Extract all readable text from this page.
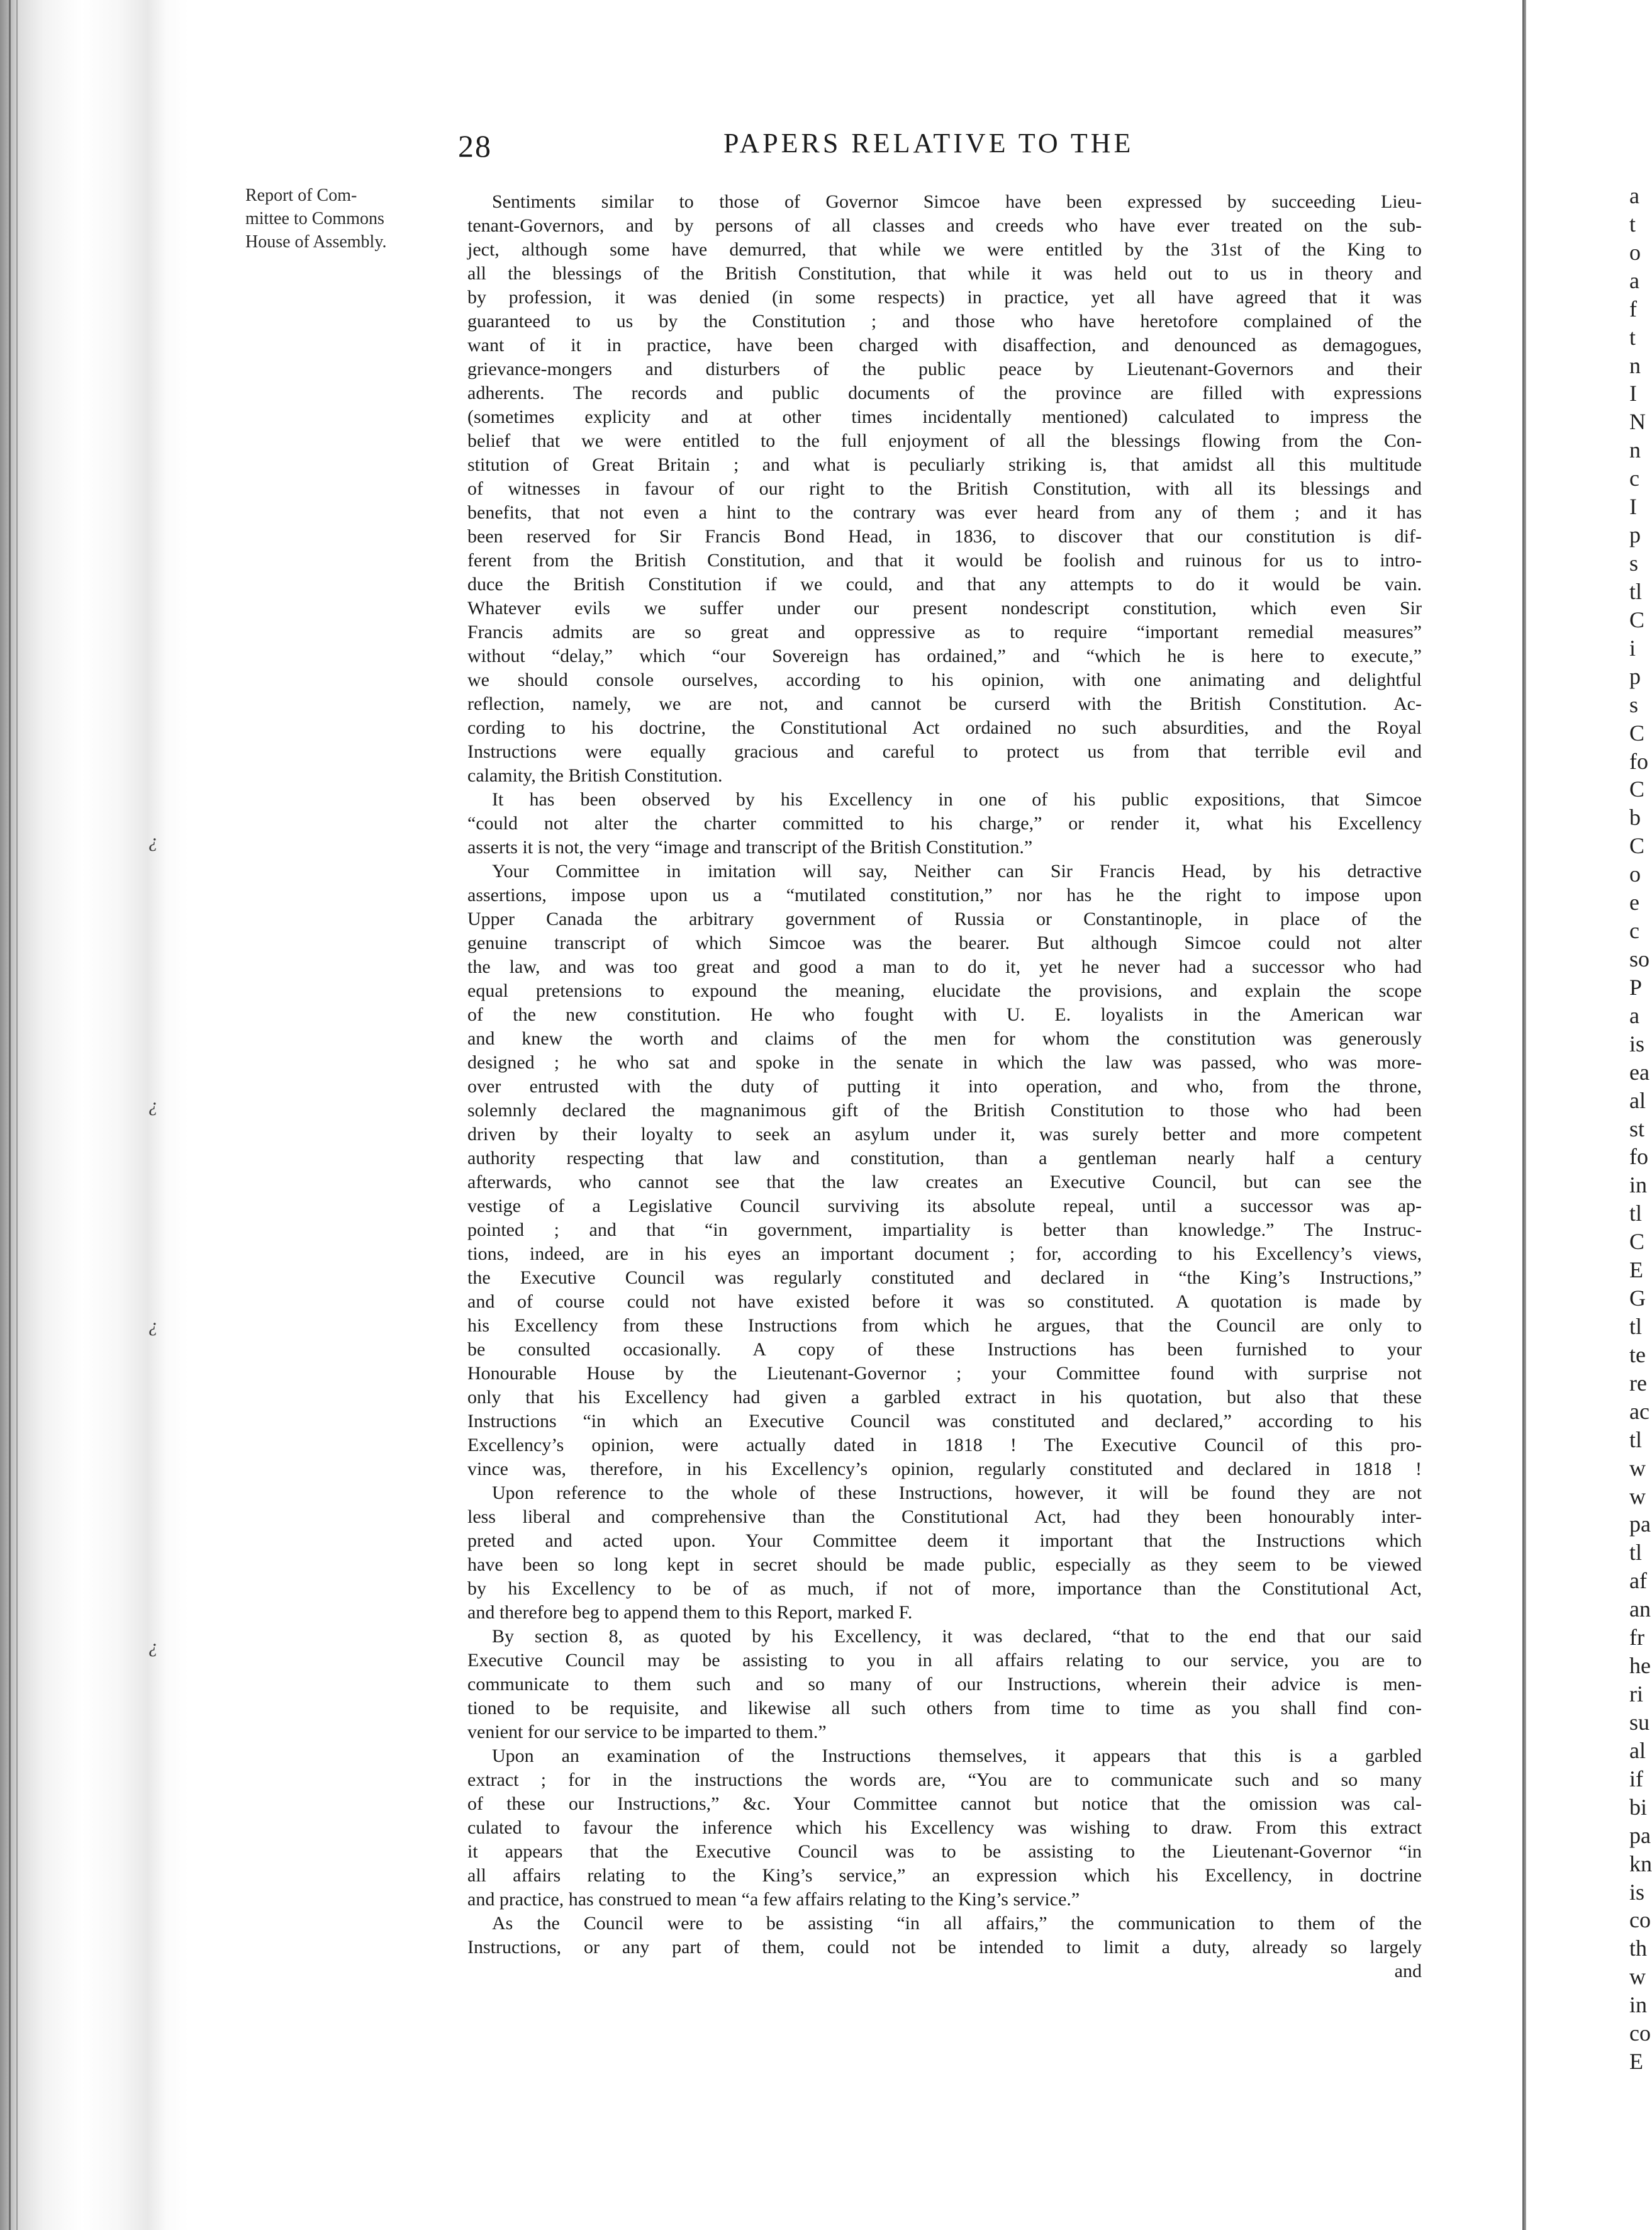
¿
¿
¿
¿
28	PAPERS RELATIVE TO THE
Report of Com-
mittee to Commons
House of Assembly.
Sentiments similar to those of Governor Simcoe have been expressed by succeeding Lieu-
tenant-Governors, and by persons of all classes and creeds who have ever treated on the sub-
ject, although some have demurred, that while we were entitled by the 31st of the King to
all the blessings of the British Constitution, that while it was held out to us in theory and
by profession, it was denied (in some respects) in practice, yet all have agreed that it was
guaranteed to us by the Constitution ; and those who have heretofore complained of the
want of it in practice, have been charged with disaffection, and denounced as demagogues,
grievance-mongers and disturbers of the public peace by Lieutenant-Governors and their
adherents. The records and public documents of the province are filled with expressions
(sometimes explicity and at other times incidentally mentioned) calculated to impress the
belief that we were entitled to the full enjoyment of all the blessings flowing from the Con-
stitution of Great Britain ; and what is peculiarly striking is, that amidst all this multitude
of witnesses in favour of our right to the British Constitution, with all its blessings and
benefits, that not even a hint to the contrary was ever heard from any of them ; and it has
been reserved for Sir Francis Bond Head, in 1836, to discover that our constitution is dif-
ferent from the British Constitution, and that it would be foolish and ruinous for us to intro-
duce the British Constitution if we could, and that any attempts to do it would be vain.
Whatever evils we suffer under our present nondescript constitution, which even Sir
Francis admits are so great and oppressive as to require “important remedial measures”
without “delay,” which “our Sovereign has ordained,” and “which he is here to execute,”
we should console ourselves, according to his opinion, with one animating and delightful
reflection, namely, we are not, and cannot be curserd with the British Constitution. Ac-
cording to his doctrine, the Constitutional Act ordained no such absurdities, and the Royal
Instructions were equally gracious and careful to protect us from that terrible evil and
calamity, the British Constitution.
It has been observed by his Excellency in one of his public expositions, that Simcoe
“could not alter the charter committed to his charge,” or render it, what his Excellency
asserts it is not, the very “image and transcript of the British Constitution.”
Your Committee in imitation will say, Neither can Sir Francis Head, by his detractive
assertions, impose upon us a “mutilated constitution,” nor has he the right to impose upon
Upper Canada the arbitrary government of Russia or Constantinople, in place of the
genuine transcript of which Simcoe was the bearer. But although Simcoe could not alter
the law, and was too great and good a man to do it, yet he never had a successor who had
equal pretensions to expound the meaning, elucidate the provisions, and explain the scope
of the new constitution. He who fought with U. E. loyalists in the American war
and knew the worth and claims of the men for whom the constitution was generously
designed ; he who sat and spoke in the senate in which the law was passed, who was more-
over entrusted with the duty of putting it into operation, and who, from the throne,
solemnly declared the magnanimous gift of the British Constitution to those who had been
driven by their loyalty to seek an asylum under it, was surely better and more competent
authority respecting that law and constitution, than a gentleman nearly half a century
afterwards, who cannot see that the law creates an Executive Council, but can see the
vestige of a Legislative Council surviving its absolute repeal, until a successor was ap-
pointed ; and that “in government, impartiality is better than knowledge.” The Instruc-
tions, indeed, are in his eyes an important document ; for, according to his Excellency’s views,
the Executive Council was regularly constituted and declared in “the King’s Instructions,”
and of course could not have existed before it was so constituted. A quotation is made by
his Excellency from these Instructions from which he argues, that the Council are only to
be consulted occasionally. A copy of these Instructions has been furnished to your
Honourable House by the Lieutenant-Governor ; your Committee found with surprise not
only that his Excellency had given a garbled extract in his quotation, but also that these
Instructions “in which an Executive Council was constituted and declared,” according to his
Excellency’s opinion, were actually dated in 1818 ! The Executive Council of this pro-
vince was, therefore, in his Excellency’s opinion, regularly constituted and declared in 1818 !
Upon reference to the whole of these Instructions, however, it will be found they are not
less liberal and comprehensive than the Constitutional Act, had they been honourably inter-
preted and acted upon. Your Committee deem it important that the Instructions which
have been so long kept in secret should be made public, especially as they seem to be viewed
by his Excellency to be of as much, if not of more, importance than the Constitutional Act,
and therefore beg to append them to this Report, marked F.
By section 8, as quoted by his Excellency, it was declared, “that to the end that our said
Executive Council may be assisting to you in all affairs relating to our service, you are to
communicate to them such and so many of our Instructions, wherein their advice is men-
tioned to be requisite, and likewise all such others from time to time as you shall find con-
venient for our service to be imparted to them.”
Upon an examination of the Instructions themselves, it appears that this is a garbled
extract ; for in the instructions the words are, “You are to communicate such and so many
of these our Instructions,” &c. Your Committee cannot but notice that the omission was cal-
culated to favour the inference which his Excellency was wishing to draw. From this extract
it appears that the Executive Council was to be assisting to the Lieutenant-Governor “in
all affairs relating to the King’s service,” an expression which his Excellency, in doctrine
and practice, has construed to mean “a few affairs relating to the King’s service.”
As the Council were to be assisting “in all affairs,” the communication to them of the
Instructions, or any part of them, could not be intended to limit a duty, already so largely
and
a
t
o
a
f
t
n
I
N
n
c
I
p
s
tl
C
i
p
s
C
fo
C
b
C
o
e
c
so
P
a
is
ea
al
st
fo
in
tl
C
E
G
tl
te
re
ac
tl
w
w
pa
tl
af
an
fr
he
ri
su
al
if
bi
pa
kn
is
co
th
w
in
co
E
